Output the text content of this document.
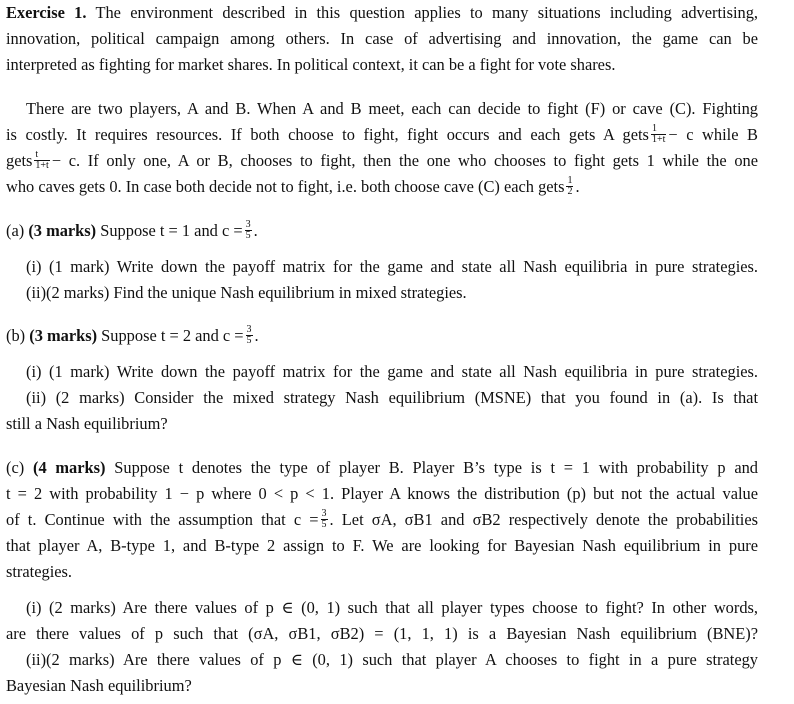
Exercise 1. The environment described in this question applies to many situations including advertising,
innovation, political campaign among others. In case of advertising and innovation, the game can be
interpreted as fighting for market shares. In political context, it can be a fight for vote shares.
There are two players, A and B. When A and B meet, each can decide to fight (F) or cave (C). Fighting
is costly. It requires resources. If both choose to fight, fight occurs and each gets A gets $\frac{1}{1+t} - c$ while B
gets $\frac{t}{1+t} - c$. If only one, A or B, chooses to fight, then the one who chooses to fight gets 1 while the one
who caves gets 0. In case both decide not to fight, i.e. both choose cave (C) each gets $\frac{1}{2}$ .
(a) (3 marks) Suppose t = 1 and $c = \frac{3}{5}$ .
(i) (1 mark) Write down the payoff matrix for the game and state all Nash equilibria in pure strategies.
(ii)(2 marks) Find the unique Nash equilibrium in mixed strategies.
(b) (3 marks) Suppose t = 2 and $c = \frac{3}{5}$ .
(i) (1 mark) Write down the payoff matrix for the game and state all Nash equilibria in pure strategies.
(ii) (2 marks) Consider the mixed strategy Nash equilibrium (MSNE) that you found in (a). Is that
still a Nash equilibrium?
(c) (4 marks) Suppose t denotes the type of player B. Player B’s type is t = 1 with probability p and
t = 2 with probability 1 − p where 0 < p < 1. Player A knows the distribution (p) but not the actual value
of t. Continue with the assumption that $c = \frac{3}{5}$ . Let σA, σB1 and σB2 respectively denote the probabilities
that player A, B-type 1, and B-type 2 assign to F. We are looking for Bayesian Nash equilibrium in pure
strategies.
(i) (2 marks) Are there values of p ∈ (0, 1) such that all player types choose to fight? In other words,
are there values of p such that (σA, σB1, σB2) = (1, 1, 1) is a Bayesian Nash equilibrium (BNE)?
(ii)(2 marks) Are there values of p ∈ (0, 1) such that player A chooses to fight in a pure strategy
Bayesian Nash equilibrium?
